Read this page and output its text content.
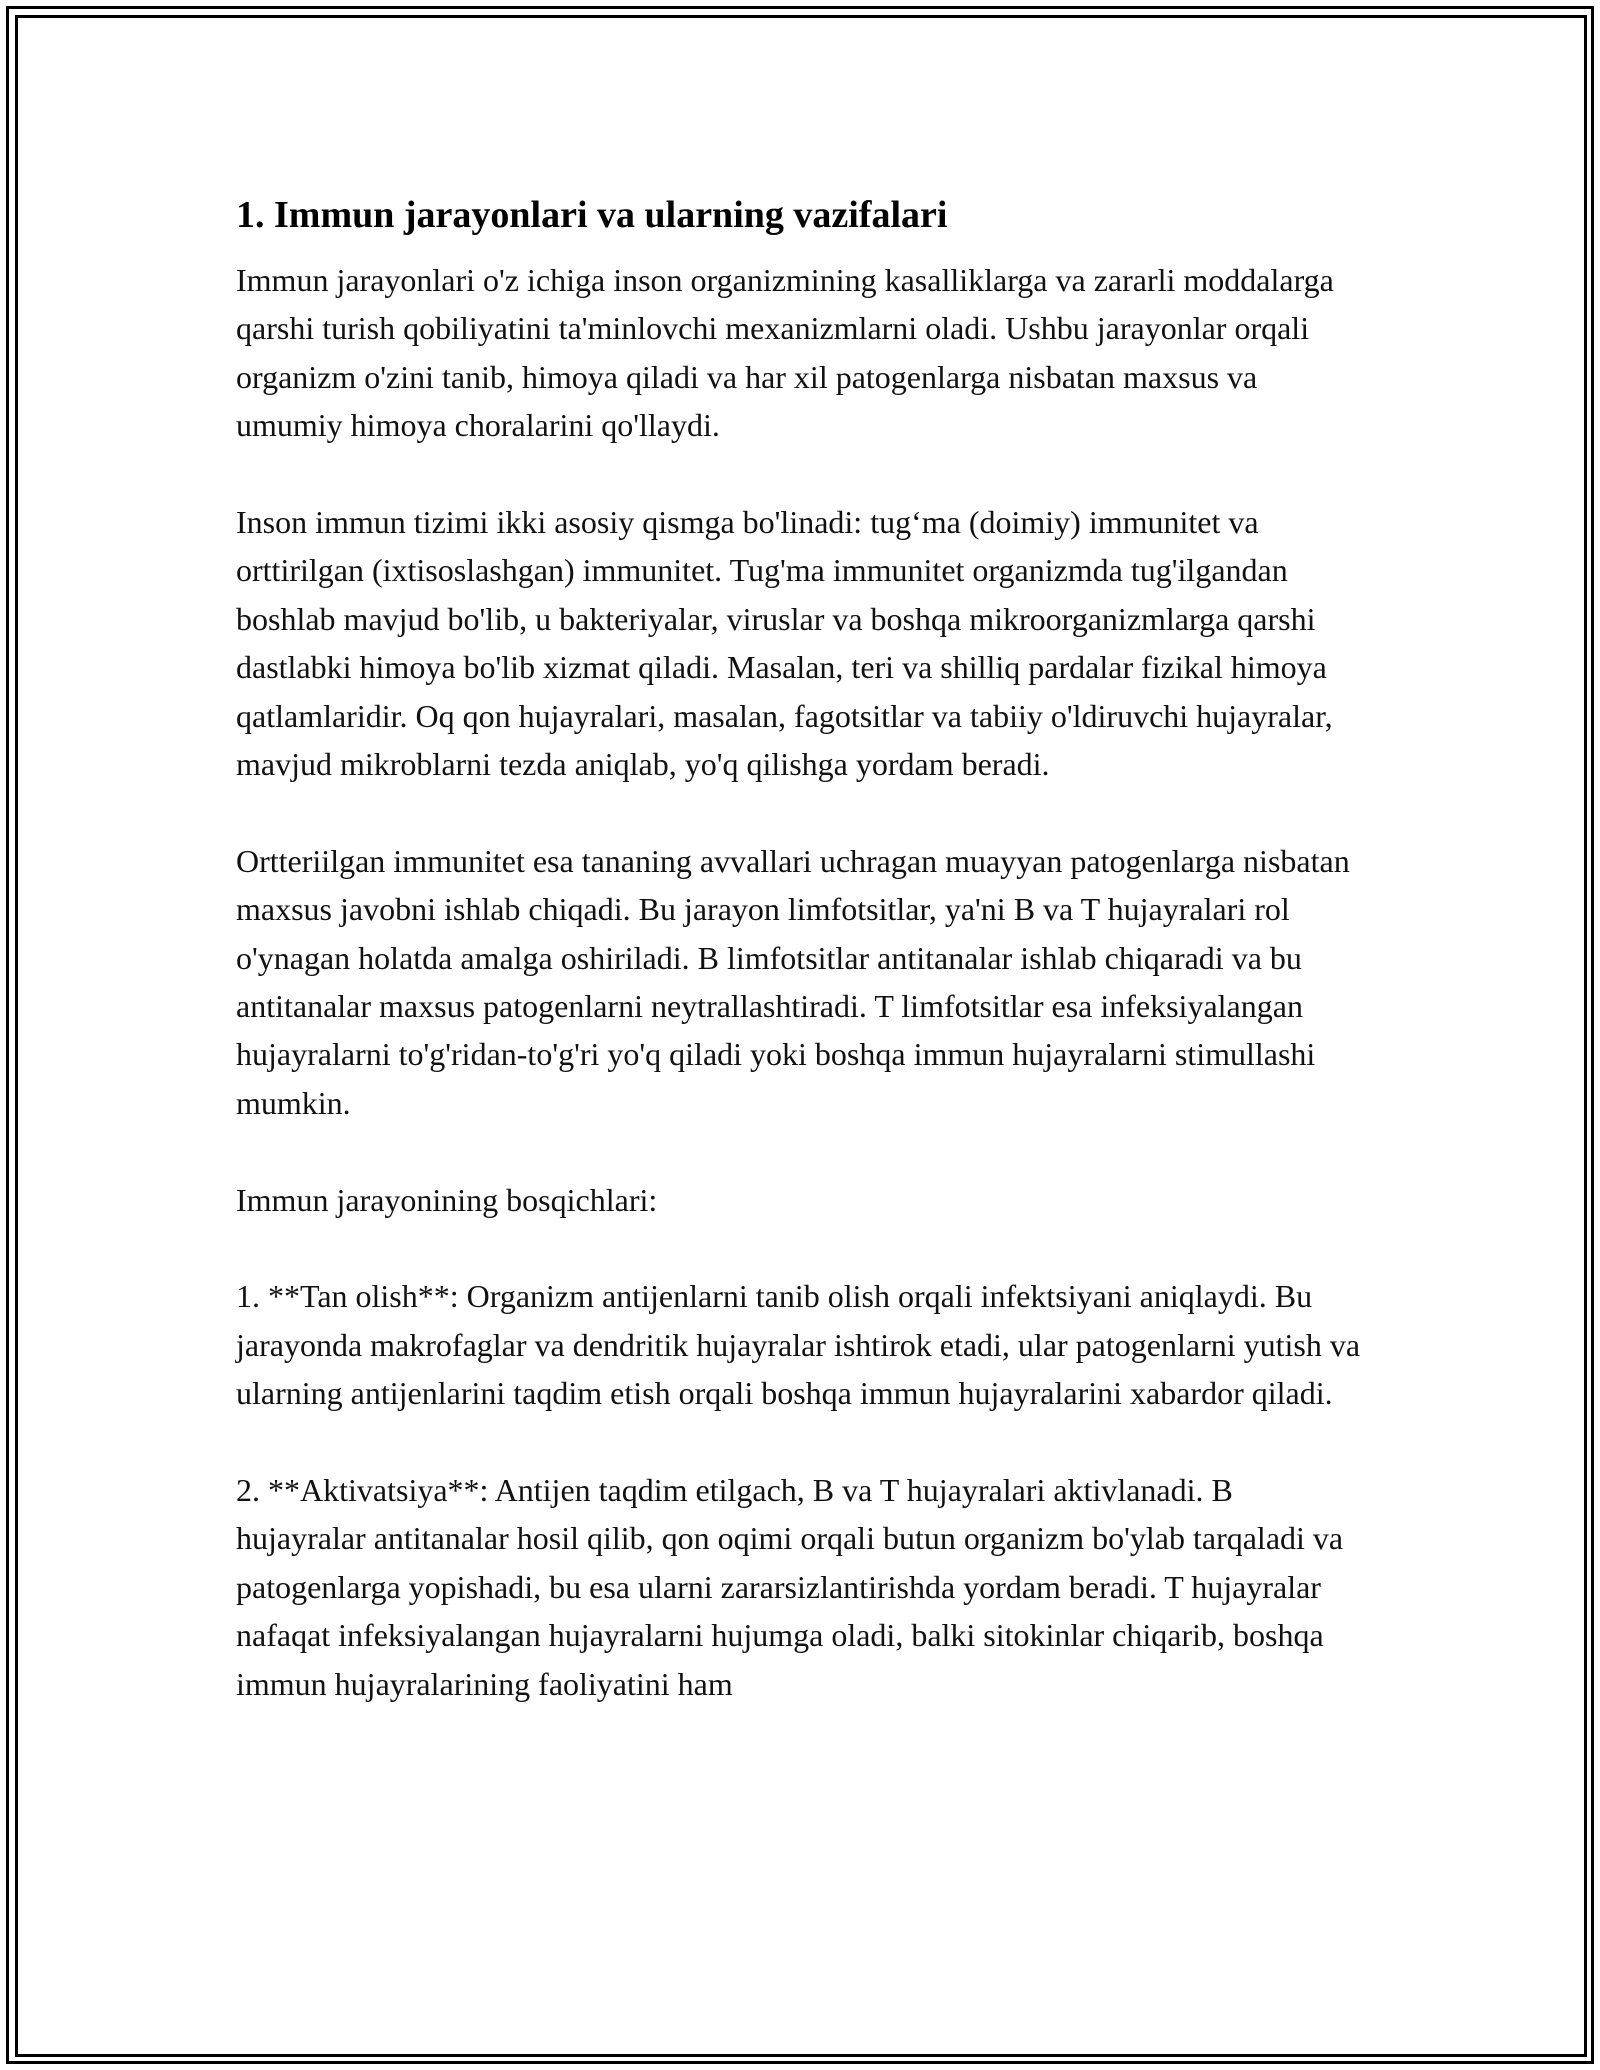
1. Immun jarayonlari va ularning vazifalari

Immun jarayonlari o'z ichiga inson organizmining kasalliklarga va zararli moddalarga qarshi turish qobiliyatini ta'minlovchi mexanizmlarni oladi. Ushbu jarayonlar orqali organizm o'zini tanib, himoya qiladi va har xil patogenlarga nisbatan maxsus va umumiy himoya choralarini qo'llaydi.

Inson immun tizimi ikki asosiy qismga bo'linadi: tug‘ma (doimiy) immunitet va orttirilgan (ixtisoslashgan) immunitet. Tug'ma immunitet organizmda tug'ilgandan boshlab mavjud bo'lib, u bakteriyalar, viruslar va boshqa mikroorganizmlarga qarshi dastlabki himoya bo'lib xizmat qiladi. Masalan, teri va shilliq pardalar fizikal himoya qatlamlaridir. Oq qon hujayralari, masalan, fagotsitlar va tabiiy o'ldiruvchi hujayralar, mavjud mikroblarni tezda aniqlab, yo'q qilishga yordam beradi.

Ortteriilgan immunitet esa tananing avvallari uchragan muayyan patogenlarga nisbatan maxsus javobni ishlab chiqadi. Bu jarayon limfotsitlar, ya'ni B va T hujayralari rol o'ynagan holatda amalga oshiriladi. B limfotsitlar antitanalar ishlab chiqaradi va bu antitanalar maxsus patogenlarni neytrallashtiradi. T limfotsitlar esa infeksiyalangan hujayralarni to'g'ridan-to'g'ri yo'q qiladi yoki boshqa immun hujayralarni stimullashi mumkin.

Immun jarayonining bosqichlari:

1. **Tan olish**: Organizm antijenlarni tanib olish orqali infektsiyani aniqlaydi. Bu jarayonda makrofaglar va dendritik hujayralar ishtirok etadi, ular patogenlarni yutish va ularning antijenlarini taqdim etish orqali boshqa immun hujayralarini xabardor qiladi.

2. **Aktivatsiya**: Antijen taqdim etilgach, B va T hujayralari aktivlanadi. B hujayralar antitanalar hosil qilib, qon oqimi orqali butun organizm bo'ylab tarqaladi va patogenlarga yopishadi, bu esa ularni zararsizlantirishda yordam beradi. T hujayralar nafaqat infeksiyalangan hujayralarni hujumga oladi, balki sitokinlar chiqarib, boshqa immun hujayralarining faoliyatini ham
